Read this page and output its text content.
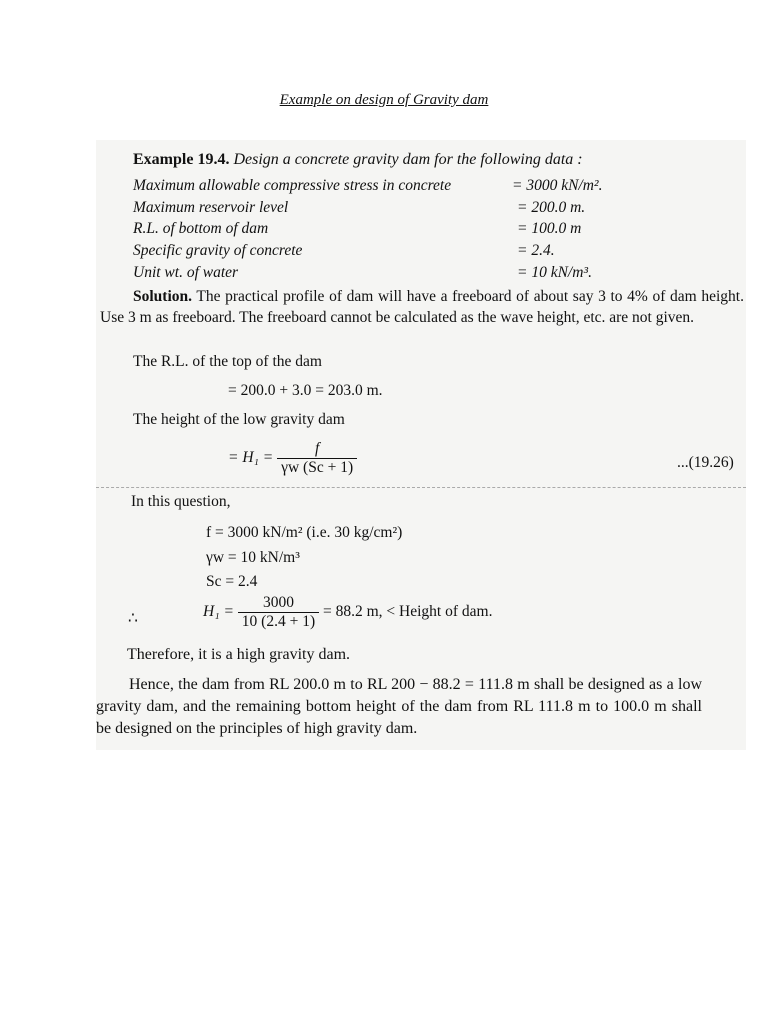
Example on design of Gravity dam
Example 19.4. Design a concrete gravity dam for the following data :
Maximum allowable compressive stress in concrete	= 3000 kN/m².
Maximum reservoir level	= 200.0 m.
R.L. of bottom of dam	= 100.0 m
Specific gravity of concrete	= 2.4.
Unit wt. of water	= 10 kN/m³.
Solution. The practical profile of dam will have a freeboard of about say 3 to 4% of dam height. Use 3 m as freeboard. The freeboard cannot be calculated as the wave height, etc. are not given.
The R.L. of the top of the dam
= 200.0 + 3.0 = 203.0 m.
The height of the low gravity dam
= $H_1 = \frac{f}{\gamma w (Sc + 1)}$	...(19.26)
In this question,
f = 3000 kN/m² (i.e. 30 kg/cm²)
γw = 10 kN/m³
Sc = 2.4
∴	$H_1 = \frac{3000}{10 (2.4 + 1)} = 88.2$ m, < Height of dam.
Therefore, it is a high gravity dam.
Hence, the dam from RL 200.0 m to RL 200 − 88.2 = 111.8 m shall be designed as a low gravity dam, and the remaining bottom height of the dam from RL 111.8 m to 100.0 m shall be designed on the principles of high gravity dam.
